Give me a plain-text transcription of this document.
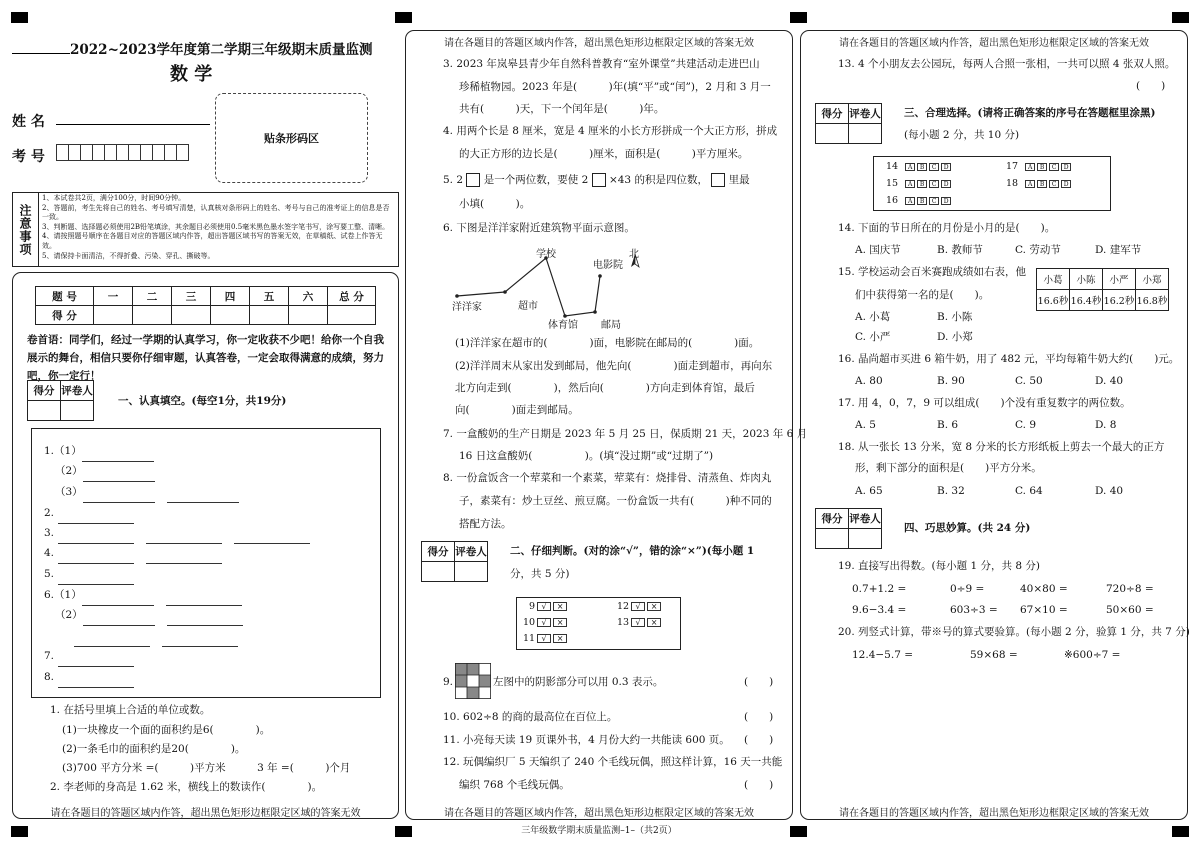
2022~2023学年度第二学期三年级期末质量监测
数 学
姓 名
考 号
贴条形码区
注意事项
1、本试卷共2页，满分100分，时间90分钟。
2、答题前，考生先将自己的姓名、考号填写清楚，认真核对条形码上的姓名、考号与自己的准考证上的信息是否一致。
3、判断题、选择题必须使用2B铅笔填涂，其余题目必须使用0.5毫米黑色墨水签字笔书写，涂写要工整、清晰。
4、请按照题号顺序在各题目对应的答题区域内作答，超出答题区域书写的答案无效，在草稿纸、试卷上作答无效。
5、请保持卡面清洁，不得折叠、污染、穿孔、撕破等。
题 号	一	二	三	四	五	六	总 分
得 分							
卷首语：同学们，经过一学期的认真学习，你一定收获不少吧！给你一个自我展示的舞台，相信只要你仔细审题，认真答卷，一定会取得满意的成绩，努力吧，你一定行！
得分	评卷人

一、认真填空。(每空1分，共19分)
1.（1）
（2）
（3）
2.
3.
4.
5.
6.（1）
（2）
7.
8.
1. 在括号里填上合适的单位或数。
(1)一块橡皮一个面的面积约是6(　　　　)。
(2)一条毛巾的面积约是20(　　　　)。
(3)700 平方分米 =(　　　)平方米　　　3 年 =(　　　)个月
2. 李老师的身高是 1.62 米，横线上的数读作(　　　　)。
请在各题目的答题区域内作答，超出黑色矩形边框限定区域的答案无效
请在各题目的答题区域内作答，超出黑色矩形边框限定区域的答案无效
3. 2023 年岚皋县青少年自然科普教育“室外课堂”共建活动走进巴山
珍稀植物园。2023 年是(　　　)年(填“平”或“闰”)，2 月和 3 月一
共有(　　　)天，下一个闰年是(　　　)年。
4. 用两个长是 8 厘米，宽是 4 厘米的小长方形拼成一个大正方形，拼成
的大正方形的边长是(　　　)厘米，面积是(　　　)平方厘米。
5. 2 是一个两位数，要使 2 ×43 的积是四位数， 里最
小填(　　　)。
6. 下图是洋洋家附近建筑物平面示意图。
洋洋家	超市
学校
体育馆 邮局
电影院
北
(1)洋洋家在超市的(　　　　)面，电影院在邮局的(　　　　)面。
(2)洋洋周末从家出发到邮局，他先向(　　　　)面走到超市，再向东
北方向走到(　　　　)，然后向(　　　　)方向走到体育馆，最后
向(　　　　)面走到邮局。
7. 一盒酸奶的生产日期是 2023 年 5 月 25 日，保质期 21 天，2023 年 6 月
16 日这盒酸奶(　　　　　)。(填“没过期”或“过期了”)
8. 一份盒饭含一个荤菜和一个素菜，荤菜有：烧排骨、清蒸鱼、炸肉丸
子，素菜有：炒土豆丝、煎豆腐。一份盒饭一共有(　　　)种不同的
搭配方法。
得分	评卷人
	二、仔细判断。(对的涂“√”，错的涂“×”)(每小题 1
分，共 5 分)
9 √ ×
10 √ ×
11 √ ×
12 √ ×
13 √ ×
9.	左图中的阴影部分可以用 0.3 表示。	(　　)
10. 602÷8 的商的最高位在百位上。	(　　)
11. 小亮每天读 19 页课外书，4 月份大约一共能读 600 页。 (　　)
12. 玩偶编织厂 5 天编织了 240 个毛线玩偶，照这样计算，16 天一共能
编织 768 个毛线玩偶。	(　　)
请在各题目的答题区域内作答，超出黑色矩形边框限定区域的答案无效
三年级数学期末质量监测–1–（共2页）
请在各题目的答题区域内作答，超出黑色矩形边框限定区域的答案无效
13. 4 个小朋友去公园玩，每两人合照一张相，一共可以照 4 张双人照。
(　　)
得分	评卷人
	三、合理选择。(请将正确答案的序号在答题框里涂黑)
(每小题 2 分，共 10 分)
14 A B C D
15 A B C D
16 A B C D
17 A B C D
18 A B C D
14. 下面的节日所在的月份是小月的是(　　)。
A. 国庆节	B. 教师节	C. 劳动节	D. 建军节
15. 学校运动会百米赛跑成绩如右表，他
们中获得第一名的是(　　)。
小葛	小陈	小严	小郑
16.6秒	16.4秒	16.2秒	16.8秒
A. 小葛	B. 小陈
C. 小严	D. 小郑
16. 晶尚超市买进 6 箱牛奶，用了 482 元，平均每箱牛奶大约(　　)元。
A. 80	B. 90	C. 50	D. 40
17. 用 4，0，7，9 可以组成(　　)个没有重复数字的两位数。
A. 5	B. 6	C. 9	D. 8
18. 从一张长 13 分米，宽 8 分米的长方形纸板上剪去一个最大的正方
形，剩下部分的面积是(　　)平方分米。
A. 65	B. 32	C. 64	D. 40
得分	评卷人

四、巧思妙算。(共 24 分)
19. 直接写出得数。(每小题 1 分，共 8 分)
0.7+1.2 =	0÷9 =	40×80 =	720÷8 =
9.6−3.4 =	603÷3 = 67×10 =	50×60 =
20. 列竖式计算，带※号的算式要验算。(每小题 2 分，验算 1 分，共 7 分)
12.4−5.7 =	59×68 =	※600÷7 =
请在各题目的答题区域内作答，超出黑色矩形边框限定区域的答案无效
